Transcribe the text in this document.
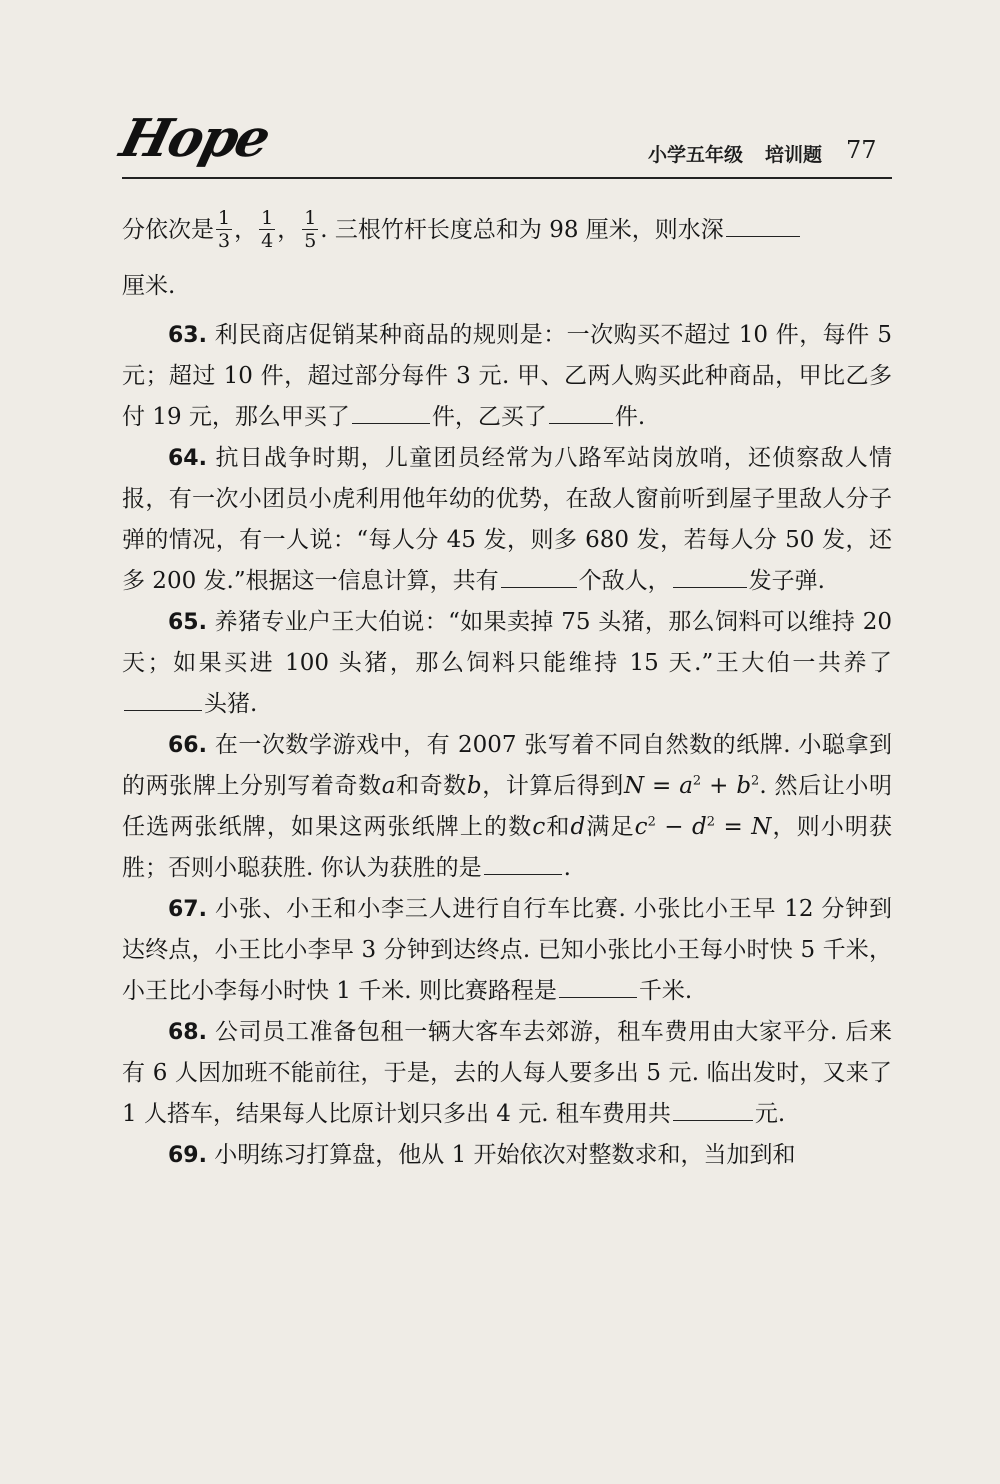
Hope	小学五年级 培训题 77

分依次是 $\frac{1}{3}$ ， $\frac{1}{4}$ ， $\frac{1}{5}$ . 三根竹杆长度总和为 98 厘米，则水深

厘米.

63. 利民商店促销某种商品的规则是：一次购买不超过 10 件，每件 5 元；超过 10 件，超过部分每件 3 元. 甲、乙两人购买此种商品，甲比乙多付 19 元，那么甲买了	件，乙买了	件.

64. 抗日战争时期，儿童团员经常为八路军站岗放哨，还侦察敌人情报，有一次小团员小虎利用他年幼的优势，在敌人窗前听到屋子里敌人分子弹的情况，有一人说：“每人分 45 发，则多 680 发，若每人分 50 发，还多 200 发.”根据这一信息计算，共有	个敌人，	发子弹.

65. 养猪专业户王大伯说：“如果卖掉 75 头猪，那么饲料可以维持 20 天；如果买进 100 头猪，那么饲料只能维持 15 天.”王大伯一共养了头猪.

66. 在一次数学游戏中，有 2007 张写着不同自然数的纸牌. 小聪拿到的两张牌上分别写着奇数a和奇数b，计算后得到$N = a^2 + b^2$. 然后让小明任选两张纸牌，如果这两张纸牌上的数c和d满足$c^2 - d^2 = N$，则小明获胜；否则小聪获胜. 你认为获胜的是	.

67. 小张、小王和小李三人进行自行车比赛. 小张比小王早 12 分钟到达终点，小王比小李早 3 分钟到达终点. 已知小张比小王每小时快 5 千米，小王比小李每小时快 1 千米. 则比赛路程是	千米.

68. 公司员工准备包租一辆大客车去郊游，租车费用由大家平分. 后来有 6 人因加班不能前往，于是，去的人每人要多出 5 元. 临出发时，又来了 1 人搭车，结果每人比原计划只多出 4 元. 租车费用共	元.

69. 小明练习打算盘，他从 1 开始依次对整数求和，当加到和
